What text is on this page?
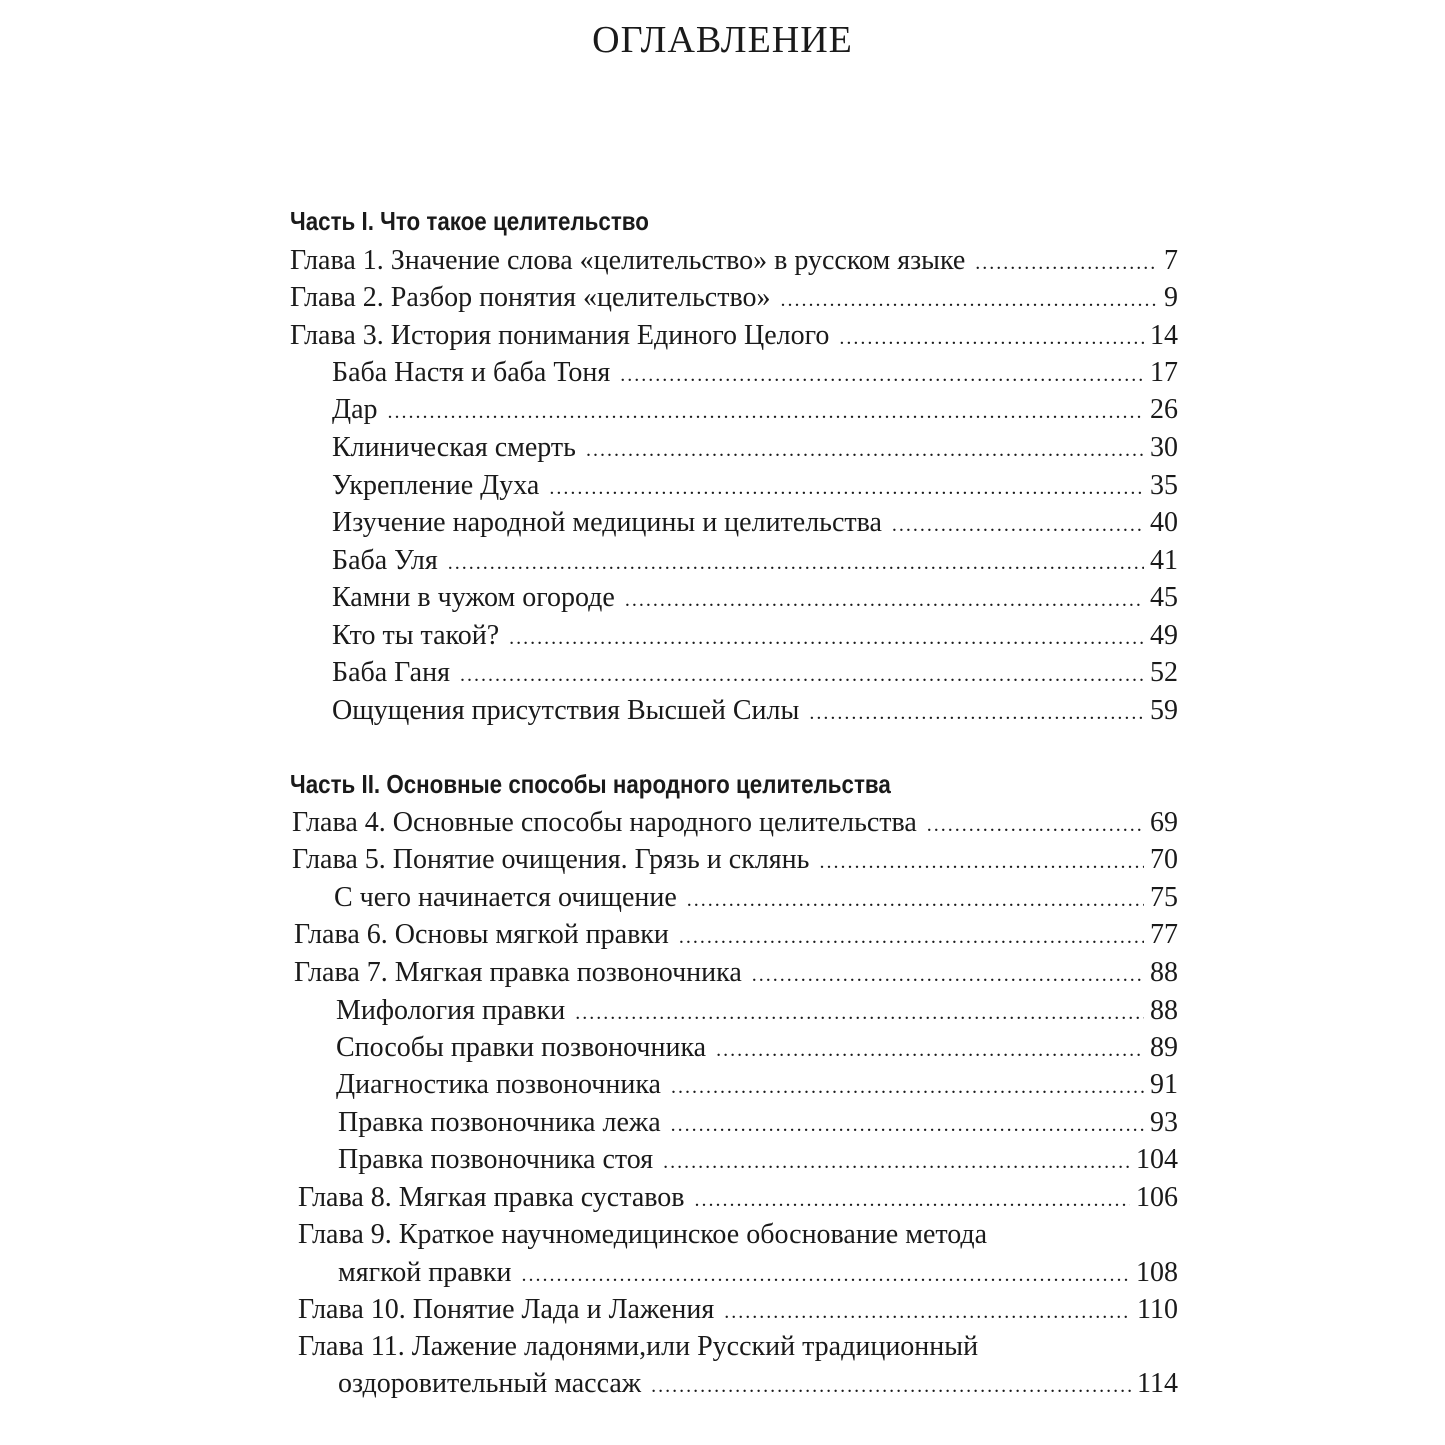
ОГЛАВЛЕНИЕ
Часть I. Что такое целительство
Глава 1. Значение слова «целительство» в русском языке .....	7
Глава 2. Разбор понятия «целительство» .....	9
Глава 3. История понимания Единого Целого .....	14
Баба Настя и баба Тоня .....	17
Дар .....	26
Клиническая смерть .....	30
Укрепление Духа .....	35
Изучение народной медицины и целительства .....	40
Баба Уля .....	41
Камни в чужом огороде .....	45
Кто ты такой? .....	49
Баба Ганя .....	52
Ощущения присутствия Высшей Силы .....	59
Часть II. Основные способы народного целительства
Глава 4. Основные способы народного целительства .....	69
Глава 5. Понятие очищения. Грязь и склянь .....	70
С чего начинается очищение .....	75
Глава 6. Основы мягкой правки .....	77
Глава 7. Мягкая правка позвоночника .....	88
Мифология правки .....	88
Способы правки позвоночника .....	89
Диагностика позвоночника .....	91
Правка позвоночника лежа .....	93
Правка позвоночника стоя .....	104
Глава 8. Мягкая правка суставов .....	106
Глава 9. Краткое научномедицинское обоснование метода
мягкой правки .....	108
Глава 10. Понятие Лада и Лажения .....	110
Глава 11. Лажение ладонями,или Русский традиционный
оздоровительный массаж .....	114
